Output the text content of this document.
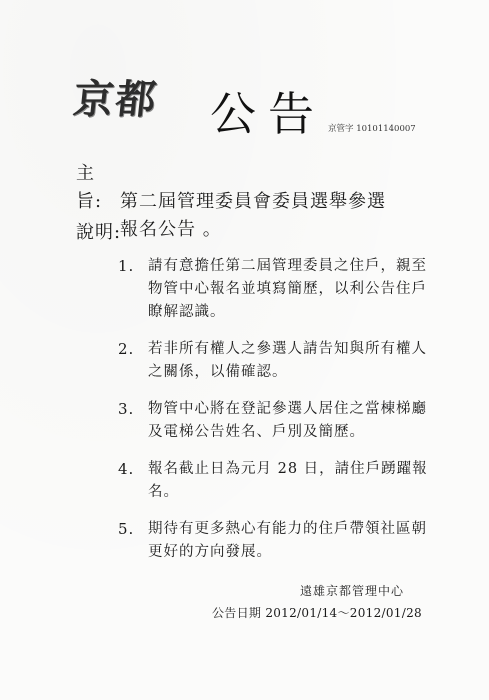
京都 公告 京管字 10101140007
主旨: 第二屆管理委員會委員選舉參選
報名公告 。
說明:
1. 請有意擔任第二屆管理委員之住戶，親至物管中心報名並填寫簡歷，以利公告住戶瞭解認識。
2. 若非所有權人之參選人請告知與所有權人之關係，以備確認。
3. 物管中心將在登記參選人居住之當棟梯廳及電梯公告姓名、戶別及簡歷。
4. 報名截止日為元月 28 日，請住戶踴躍報名。
5. 期待有更多熱心有能力的住戶帶領社區朝更好的方向發展。
遠雄京都管理中心
公告日期 2012/01/14～2012/01/28
